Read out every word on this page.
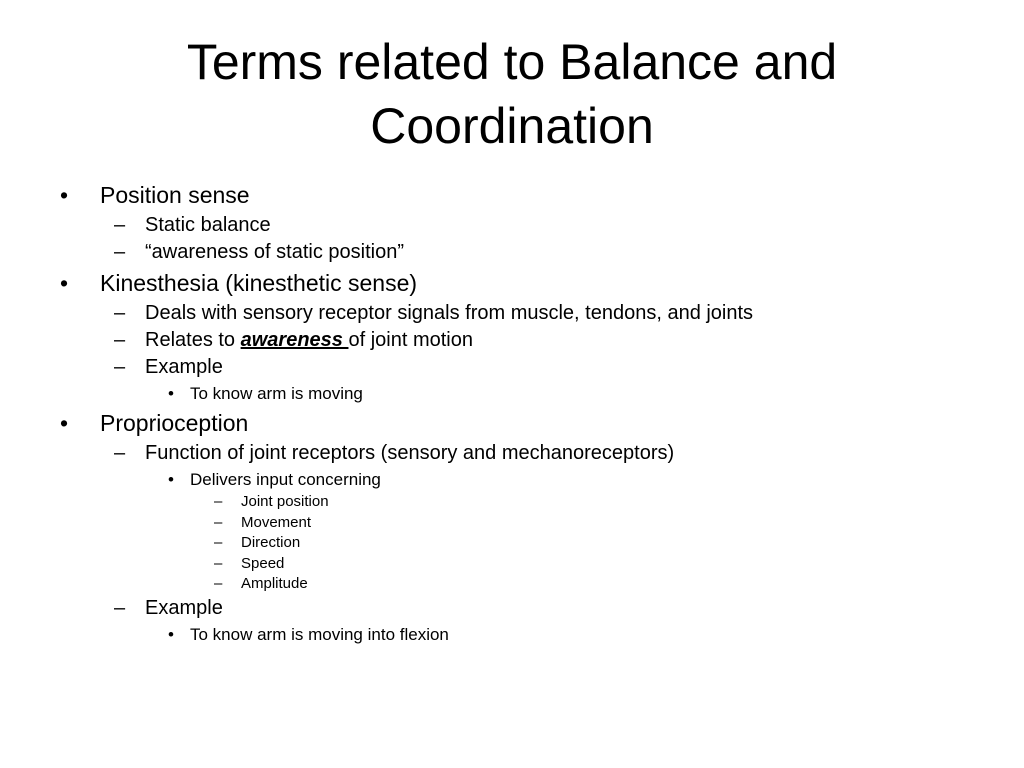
Terms related to Balance and Coordination
• Position sense
– Static balance
– “awareness of static position”
• Kinesthesia (kinesthetic sense)
– Deals with sensory receptor signals from muscle, tendons, and joints
– Relates to awareness of joint motion
– Example
• To know arm is moving
• Proprioception
– Function of joint receptors (sensory and mechanoreceptors)
• Delivers input concerning
– Joint position
– Movement
– Direction
– Speed
– Amplitude
– Example
• To know arm is moving into flexion
